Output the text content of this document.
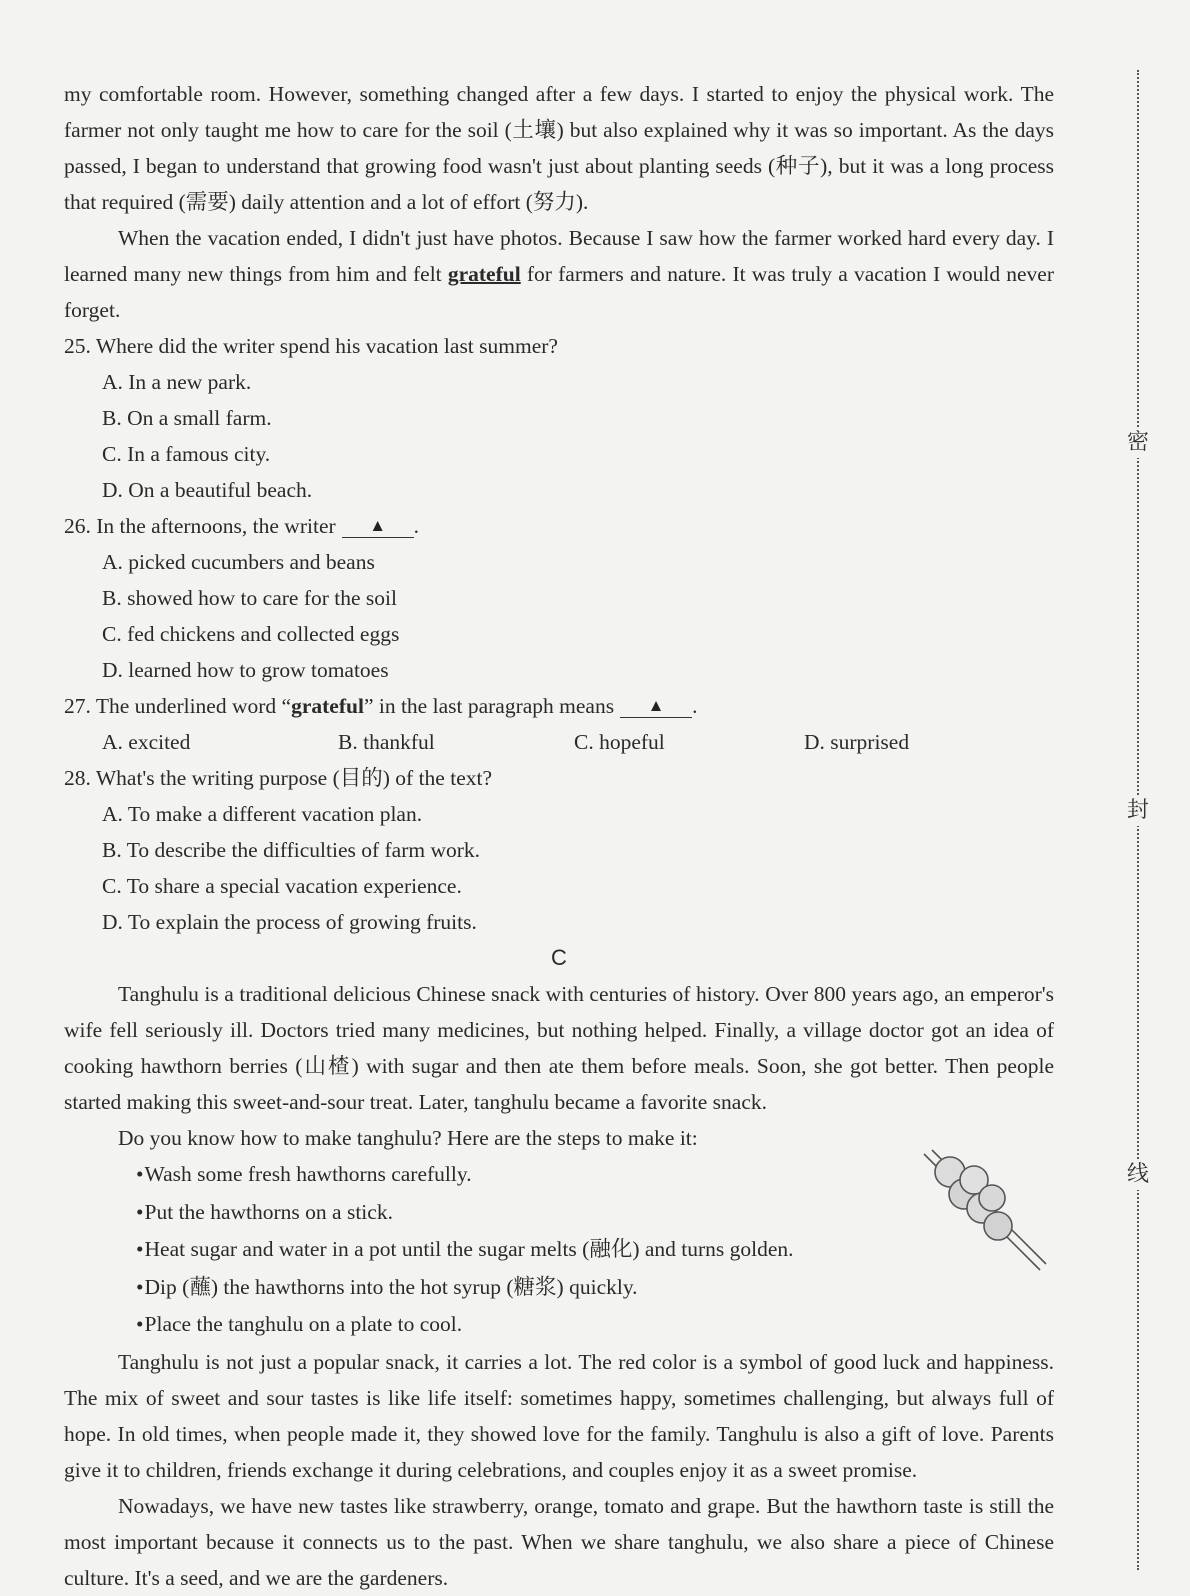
my comfortable room. However, something changed after a few days. I started to enjoy the physical work. The farmer not only taught me how to care for the soil (土壤) but also explained why it was so important. As the days passed, I began to understand that growing food wasn't just about planting seeds (种子), but it was a long process that required (需要) daily attention and a lot of effort (努力).

When the vacation ended, I didn't just have photos. Because I saw how the farmer worked hard every day. I learned many new things from him and felt grateful for farmers and nature. It was truly a vacation I would never forget.

25. Where did the writer spend his vacation last summer?

A. In a new park.
B. On a small farm.
C. In a famous city.
D. On a beautiful beach.

26. In the afternoons, the writer ▲ .

A. picked cucumbers and beans
B. showed how to care for the soil
C. fed chickens and collected eggs
D. learned how to grow tomatoes

27. The underlined word “grateful” in the last paragraph means ▲ .

A. excited	B. thankful	C. hopeful	D. surprised

28. What's the writing purpose (目的) of the text?

A. To make a different vacation plan.
B. To describe the difficulties of farm work.
C. To share a special vacation experience.
D. To explain the process of growing fruits.

C

Tanghulu is a traditional delicious Chinese snack with centuries of history. Over 800 years ago, an emperor's wife fell seriously ill. Doctors tried many medicines, but nothing helped. Finally, a village doctor got an idea of cooking hawthorn berries (山楂) with sugar and then ate them before meals. Soon, she got better. Then people started making this sweet-and-sour treat. Later, tanghulu became a favorite snack.

Do you know how to make tanghulu? Here are the steps to make it:

• Wash some fresh hawthorns carefully.

• Put the hawthorns on a stick.

• Heat sugar and water in a pot until the sugar melts (融化) and turns golden.

• Dip (蘸) the hawthorns into the hot syrup (糖浆) quickly.

• Place the tanghulu on a plate to cool.

Tanghulu is not just a popular snack, it carries a lot. The red color is a symbol of good luck and happiness. The mix of sweet and sour tastes is like life itself: sometimes happy, sometimes challenging, but always full of hope. In old times, when people made it, they showed love for the family. Tanghulu is also a gift of love. Parents give it to children, friends exchange it during celebrations, and couples enjoy it as a sweet promise.

Nowadays, we have new tastes like strawberry, orange, tomato and grape. But the hawthorn taste is still the most important because it connects us to the past. When we share tanghulu, we also share a piece of Chinese culture. It's a seed, and we are the gardeners.

密
封
线
